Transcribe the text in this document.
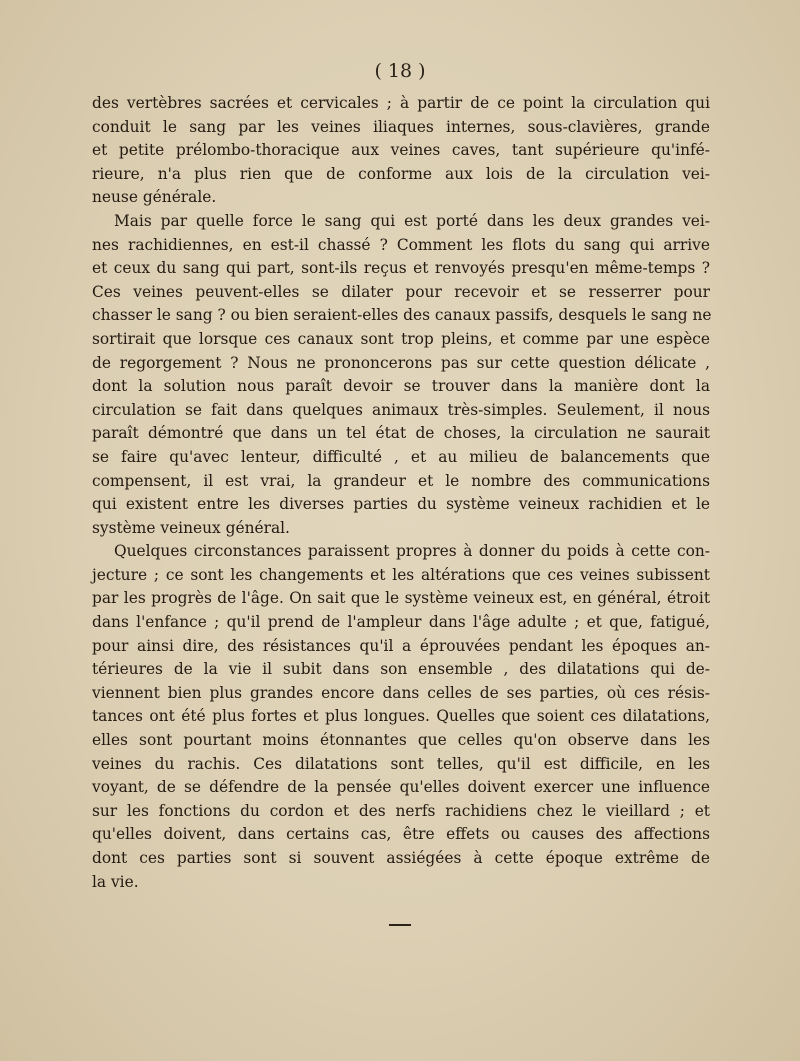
( 18 )
des vertèbres sacrées et cervicales ; à partir de ce point la circulation qui
conduit le sang par les veines iliaques internes, sous-clavières, grande
et petite prélombo-thoracique aux veines caves, tant supérieure qu'infé-
rieure, n'a plus rien que de conforme aux lois de la circulation vei-
neuse générale.
Mais par quelle force le sang qui est porté dans les deux grandes vei-
nes rachidiennes, en est-il chassé ? Comment les flots du sang qui arrive
et ceux du sang qui part, sont-ils reçus et renvoyés presqu'en même-temps ?
Ces veines peuvent-elles se dilater pour recevoir et se resserrer pour
chasser le sang ? ou bien seraient-elles des canaux passifs, desquels le sang ne
sortirait que lorsque ces canaux sont trop pleins, et comme par une espèce
de regorgement ? Nous ne prononcerons pas sur cette question délicate ,
dont la solution nous paraît devoir se trouver dans la manière dont la
circulation se fait dans quelques animaux très-simples. Seulement, il nous
paraît démontré que dans un tel état de choses, la circulation ne saurait
se faire qu'avec lenteur, difficulté , et au milieu de balancements que
compensent, il est vrai, la grandeur et le nombre des communications
qui existent entre les diverses parties du système veineux rachidien et le
système veineux général.
Quelques circonstances paraissent propres à donner du poids à cette con-
jecture ; ce sont les changements et les altérations que ces veines subissent
par les progrès de l'âge. On sait que le système veineux est, en général, étroit
dans l'enfance ; qu'il prend de l'ampleur dans l'âge adulte ; et que, fatigué,
pour ainsi dire, des résistances qu'il a éprouvées pendant les époques an-
térieures de la vie il subit dans son ensemble , des dilatations qui de-
viennent bien plus grandes encore dans celles de ses parties, où ces résis-
tances ont été plus fortes et plus longues. Quelles que soient ces dilatations,
elles sont pourtant moins étonnantes que celles qu'on observe dans les
veines du rachis. Ces dilatations sont telles, qu'il est difficile, en les
voyant, de se défendre de la pensée qu'elles doivent exercer une influence
sur les fonctions du cordon et des nerfs rachidiens chez le vieillard ; et
qu'elles doivent, dans certains cas, être effets ou causes des affections
dont ces parties sont si souvent assiégées à cette époque extrême de
la vie.
